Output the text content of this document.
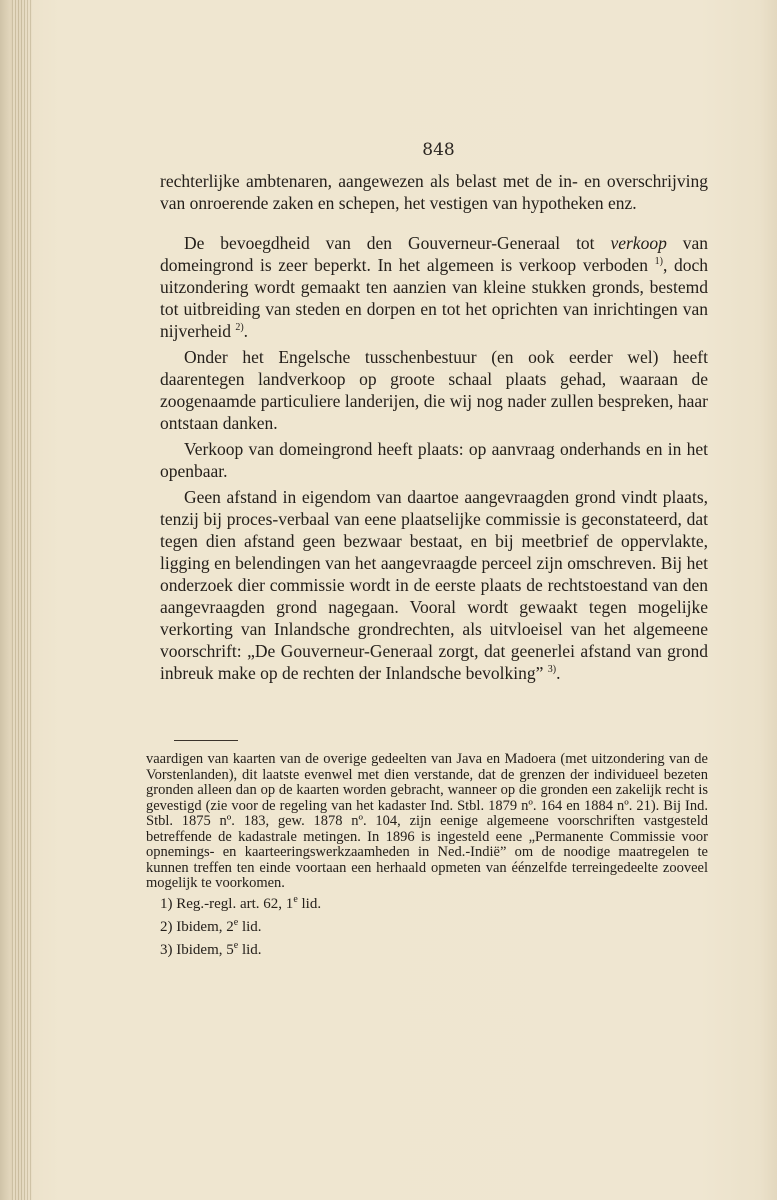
848

rechterlijke ambtenaren, aangewezen als belast met de in- en overschrijving van onroerende zaken en schepen, het vestigen van hypotheken enz.

De bevoegdheid van den Gouverneur-Generaal tot verkoop van domeingrond is zeer beperkt. In het algemeen is verkoop verboden $^{1)}$, doch uitzondering wordt gemaakt ten aanzien van kleine stukken gronds, bestemd tot uitbreiding van steden en dorpen en tot het oprichten van inrichtingen van nijverheid $^{2)}$.

Onder het Engelsche tusschenbestuur (en ook eerder wel) heeft daarentegen landverkoop op groote schaal plaats gehad, waaraan de zoogenaamde particuliere landerijen, die wij nog nader zullen bespreken, haar ontstaan danken.

Verkoop van domeingrond heeft plaats: op aanvraag onderhands en in het openbaar.

Geen afstand in eigendom van daartoe aangevraagden grond vindt plaats, tenzij bij proces-verbaal van eene plaatselijke commissie is geconstateerd, dat tegen dien afstand geen bezwaar bestaat, en bij meetbrief de oppervlakte, ligging en belendingen van het aangevraagde perceel zijn omschreven. Bij het onderzoek dier commissie wordt in de eerste plaats de rechtstoestand van den aangevraagden grond nagegaan. Vooral wordt gewaakt tegen mogelijke verkorting van Inlandsche grondrechten, als uitvloeisel van het algemeene voorschrift: „De Gouverneur-Generaal zorgt, dat geenerlei afstand van grond inbreuk make op de rechten der Inlandsche bevolking” $^{3)}$.

vaardigen van kaarten van de overige gedeelten van Java en Madoera (met uitzondering van de Vorstenlanden), dit laatste evenwel met dien verstande, dat de grenzen der individueel bezeten gronden alleen dan op de kaarten worden gebracht, wanneer op die gronden een zakelijk recht is gevestigd (zie voor de regeling van het kadaster Ind. Stbl. 1879 nº. 164 en 1884 nº. 21). Bij Ind. Stbl. 1875 nº. 183, gew. 1878 nº. 104, zijn eenige algemeene voorschriften vastgesteld betreffende de kadastrale metingen. In 1896 is ingesteld eene „Permanente Commissie voor opnemings- en kaarteeringswerkzaamheden in Ned.-Indië” om de noodige maatregelen te kunnen treffen ten einde voortaan een herhaald opmeten van éénzelfde terreingedeelte zooveel mogelijk te voorkomen.

1) Reg.-regl. art. 62, 1e lid.
2) Ibidem, 2e lid.
3) Ibidem, 5e lid.
